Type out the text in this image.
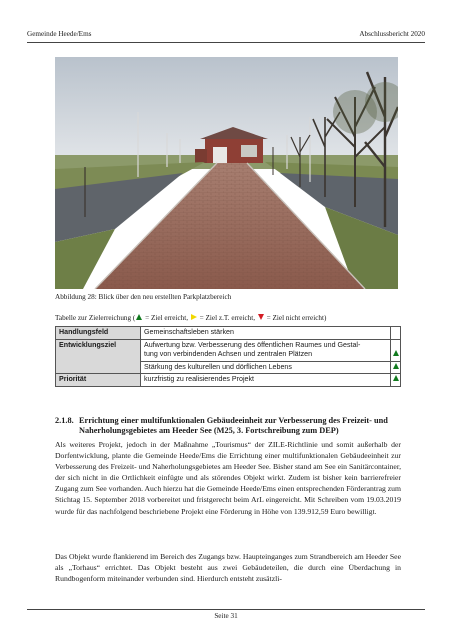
Gemeinde Heede/Ems	Abschlussbericht 2020
Abbildung 28: Blick über den neu erstellten Parkplatzbereich
Tabelle zur Zielerreichung ( = Ziel erreicht, = Ziel z.T. erreicht, = Ziel nicht erreicht)
Handlungsfeld	Gemeinschaftsleben stärken	
Entwicklungsziel	Aufwertung bzw. Verbesserung des öffentlichen Raumes und Gestal-
tung von verbindenden Achsen und zentralen Plätzen	

	Stärkung des kulturellen und dörflichen Lebens	
Priorität	kurzfristig zu realisierendes Projekt	
2.1.8. Errichtung einer multifunktionalen Gebäudeeinheit zur Verbesserung des Freizeit- und Naherholungsgebietes am Heeder See (M25, 3. Fortschreibung zum DEP)

Als weiteres Projekt, jedoch in der Maßnahme „Tourismus“ der ZILE-Richtlinie und somit außerhalb der Dorfentwicklung, plante die Gemeinde Heede/Ems die Errichtung einer multifunktionalen Gebäudeeinheit zur Verbesserung des Freizeit- und Naherholungsgebietes am Heeder See. Bisher stand am See ein Sanitärcontainer, der sich nicht in die Ortlichkeit einfügte und als störendes Objekt wirkt. Zudem ist bisher kein barrierefreier Zugang zum See vorhanden. Auch hierzu hat die Gemeinde Heede/Ems einen entsprechenden Förderantrag zum Stichtag 15. September 2018 vorbereitet und fristgerecht beim ArL eingereicht. Mit Schreiben vom 19.03.2019 wurde für das nachfolgend beschriebene Projekt eine Förderung in Höhe von 139.912,59 Euro bewilligt.

Das Objekt wurde flankierend im Bereich des Zugangs bzw. Haupteinganges zum Strandbereich am Heeder See als „Torhaus“ errichtet. Das Objekt besteht aus zwei Gebäudeteilen, die durch eine Überdachung in Rundbogenform miteinander verbunden sind. Hierdurch entsteht zusätzli-

Seite 31
